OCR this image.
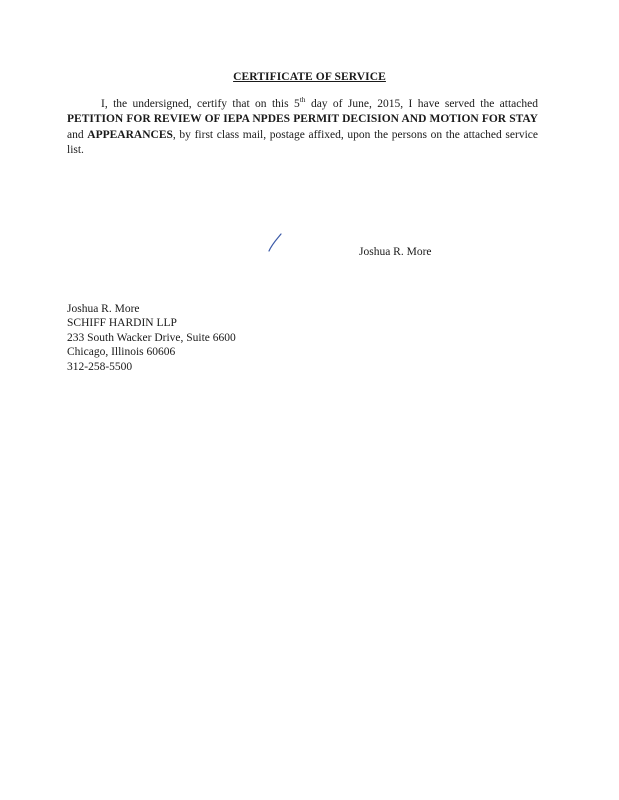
CERTIFICATE OF SERVICE
I, the undersigned, certify that on this 5th day of June, 2015, I have served the attached PETITION FOR REVIEW OF IEPA NPDES PERMIT DECISION AND MOTION FOR STAY and APPEARANCES, by first class mail, postage affixed, upon the persons on the attached service list.
Joshua R. More
Joshua R. More
SCHIFF HARDIN LLP
233 South Wacker Drive, Suite 6600
Chicago, Illinois 60606
312-258-5500
